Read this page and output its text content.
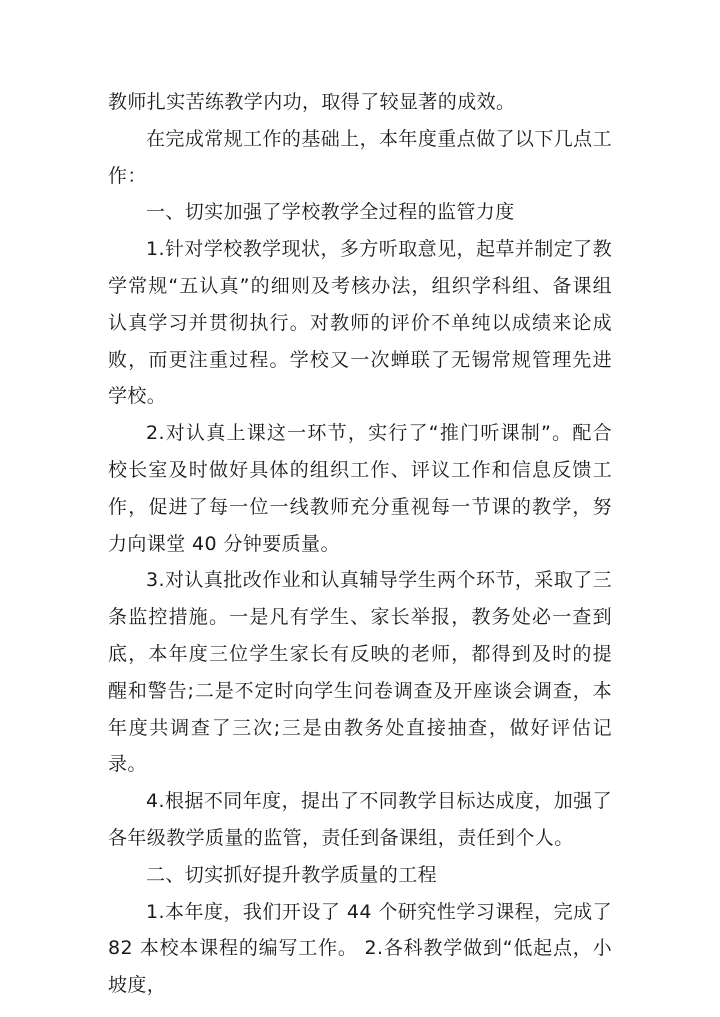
教师扎实苦练教学内功，取得了较显著的成效。

在完成常规工作的基础上，本年度重点做了以下几点工作：

一、切实加强了学校教学全过程的监管力度

1.针对学校教学现状，多方听取意见，起草并制定了教学常规“五认真”的细则及考核办法，组织学科组、备课组认真学习并贯彻执行。对教师的评价不单纯以成绩来论成败，而更注重过程。学校又一次蝉联了无锡常规管理先进学校。

2.对认真上课这一环节，实行了“推门听课制”。配合校长室及时做好具体的组织工作、评议工作和信息反馈工作，促进了每一位一线教师充分重视每一节课的教学，努力向课堂 40 分钟要质量。

3.对认真批改作业和认真辅导学生两个环节，采取了三条监控措施。一是凡有学生、家长举报，教务处必一查到底，本年度三位学生家长有反映的老师，都得到及时的提醒和警告;二是不定时向学生问卷调查及开座谈会调查，本年度共调查了三次;三是由教务处直接抽查，做好评估记录。

4.根据不同年度，提出了不同教学目标达成度，加强了各年级教学质量的监管，责任到备课组，责任到个人。

二、切实抓好提升教学质量的工程

1.本年度，我们开设了 44 个研究性学习课程，完成了 82 本校本课程的编写工作。 2.各科教学做到“低起点，小坡度，
